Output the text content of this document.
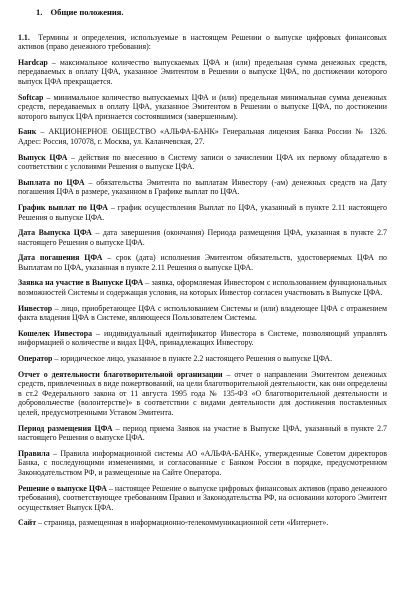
1. Общие положения.

1.1. Термины и определения, используемые в настоящем Решении о выпуске цифровых финансовых активов (право денежного требования):

Hardcap – максимальное количество выпускаемых ЦФА и (или) предельная сумма денежных средств, передаваемых в оплату ЦФА, указанное Эмитентом в Решении о выпуске ЦФА, по достижении которого выпуск ЦФА прекращается.

Softcap – минимальное количество выпускаемых ЦФА и (или) предельная минимальная сумма денежных средств, передаваемых в оплату ЦФА, указанное Эмитентом в Решении о выпуске ЦФА, по достижении которого выпуск ЦФА признается состоявшимся (завершенным).

Банк – АКЦИОНЕРНОЕ ОБЩЕСТВО «АЛЬФА-БАНК» Генеральная лицензия Банка России № 1326. Адрес: Россия, 107078, г. Москва, ул. Каланчевская, 27.

Выпуск ЦФА – действия по внесению в Систему записи о зачислении ЦФА их первому обладателю в соответствии с условиями Решения о выпуске ЦФА.

Выплата по ЦФА – обязательства Эмитента по выплатам Инвестору (-ам) денежных средств на Дату погашения ЦФА в размере, указанном в Графике выплат по ЦФА.

График выплат по ЦФА – график осуществления Выплат по ЦФА, указанный в пункте 2.11 настоящего Решения о выпуске ЦФА.

Дата Выпуска ЦФА – дата завершения (окончания) Периода размещения ЦФА, указанная в пункте 2.7 настоящего Решения о выпуске ЦФА.

Дата погашения ЦФА – срок (дата) исполнения Эмитентом обязательств, удостоверяемых ЦФА по Выплатам по ЦФА, указанная в пункте 2.11 Решения о выпуске ЦФА.

Заявка на участие в Выпуске ЦФА – заявка, оформляемая Инвестором с использованием функциональных возможностей Системы и содержащая условия, на которых Инвестор согласен участвовать в Выпуске ЦФА.

Инвестор – лицо, приобретающее ЦФА с использованием Системы и (или) владеющее ЦФА с отражением факта владения ЦФА в Системе, являющееся Пользователем Системы.

Кошелек Инвестора – индивидуальный идентификатор Инвестора в Системе, позволяющий управлять информацией о количестве и видах ЦФА, принадлежащих Инвестору.

Оператор – юридическое лицо, указанное в пункте 2.2 настоящего Решения о выпуске ЦФА.

Отчет о деятельности благотворительной организации – отчет о направлении Эмитентом денежных средств, привлеченных в виде пожертвований, на цели благотворительной деятельности, как они определены в ст.2 Федерального закона от 11 августа 1995 года № 135-ФЗ «О благотворительной деятельности и добровольчестве (волонтерстве)» в соответствии с видами деятельности для достижения поставленных целей, предусмотренными Уставом Эмитента.

Период размещения ЦФА – период приема Заявок на участие в Выпуске ЦФА, указанный в пункте 2.7 настоящего Решения о выпуске ЦФА.

Правила – Правила информационной системы АО «АЛЬФА-БАНК», утвержденные Советом директоров Банка, с последующими изменениями, и согласованные с Банком России в порядке, предусмотренном Законодательством РФ, и размещенные на Сайте Оператора.

Решение о выпуске ЦФА – настоящее Решение о выпуске цифровых финансовых активов (право денежного требования), соответствующее требованиям Правил и Законодательства РФ, на основании которого Эмитент осуществляет Выпуск ЦФА.

Сайт – страница, размещенная в информационно-телекоммуникационной сети «Интернет».
